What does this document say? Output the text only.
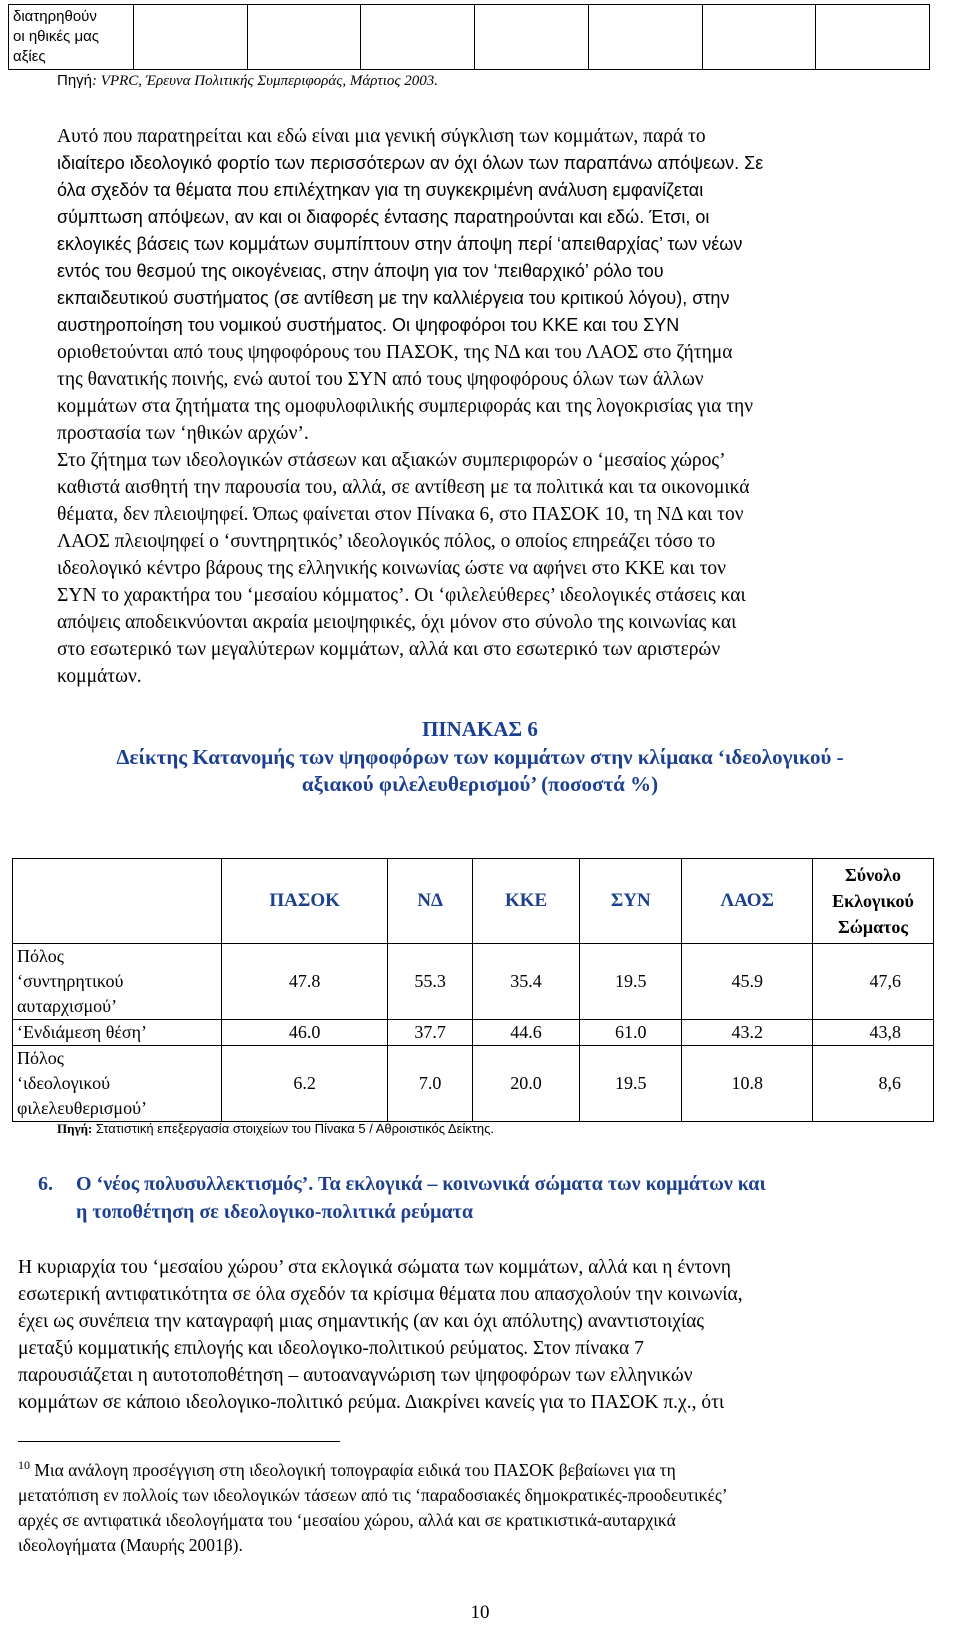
διατηρηθούν
οι ηθικές μας
αξίες

Πηγή: VPRC, Έρευνα Πολιτικής Συμπεριφοράς, Μάρτιος 2003.
Αυτό που παρατηρείται και εδώ είναι μια γενική σύγκλιση των κομμάτων, παρά το
ιδιαίτερο ιδεολογικό φορτίο των περισσότερων αν όχι όλων των παραπάνω απόψεων. Σε
όλα σχεδόν τα θέματα που επιλέχτηκαν για τη συγκεκριμένη ανάλυση εμφανίζεται
σύμπτωση απόψεων, αν και οι διαφορές έντασης παρατηρούνται και εδώ. Έτσι, οι
εκλογικές βάσεις των κομμάτων συμπίπτουν στην άποψη περί ‘απειθαρχίας’ των νέων
εντός του θεσμού της οικογένειας, στην άποψη για τον ‘πειθαρχικό’ ρόλο του
εκπαιδευτικού συστήματος (σε αντίθεση με την καλλιέργεια του κριτικού λόγου), στην
αυστηροποίηση του νομικού συστήματος. Οι ψηφοφόροι του ΚΚΕ και του ΣΥΝ
οριοθετούνται από τους ψηφοφόρους του ΠΑΣΟΚ, της ΝΔ και του ΛΑΟΣ στο ζήτημα
της θανατικής ποινής, ενώ αυτοί του ΣΥΝ από τους ψηφοφόρους όλων των άλλων
κομμάτων στα ζητήματα της ομοφυλοφιλικής συμπεριφοράς και της λογοκρισίας για την
προστασία των ‘ηθικών αρχών’.
Στο ζήτημα των ιδεολογικών στάσεων και αξιακών συμπεριφορών ο ‘μεσαίος χώρος’
καθιστά αισθητή την παρουσία του, αλλά, σε αντίθεση με τα πολιτικά και τα οικονομικά
θέματα, δεν πλειοψηφεί. Όπως φαίνεται στον Πίνακα 6, στο ΠΑΣΟΚ 10, τη ΝΔ και τον
ΛΑΟΣ πλειοψηφεί ο ‘συντηρητικός’ ιδεολογικός πόλος, ο οποίος επηρεάζει τόσο το
ιδεολογικό κέντρο βάρους της ελληνικής κοινωνίας ώστε να αφήνει στο ΚΚΕ και τον
ΣΥΝ το χαρακτήρα του ‘μεσαίου κόμματος’. Οι ‘φιλελεύθερες’ ιδεολογικές στάσεις και
απόψεις αποδεικνύονται ακραία μειοψηφικές, όχι μόνον στο σύνολο της κοινωνίας και
στο εσωτερικό των μεγαλύτερων κομμάτων, αλλά και στο εσωτερικό των αριστερών
κομμάτων.
ΠΙΝΑΚΑΣ 6
Δείκτης Κατανομής των ψηφοφόρων των κομμάτων στην κλίμακα ‘ιδεολογικού -
αξιακού φιλελευθερισμού’ (ποσοστά %)
	ΠΑΣΟΚ	ΝΔ	ΚΚΕ	ΣΥΝ	ΛΑΟΣ	Σύνολο
Εκλογικού
Σώματος

Πόλος
‘συντηρητικού
αυταρχισμού’	47.8	55.3	35.4	19.5	45.9	47,6

‘Ενδιάμεση θέση’	46.0	37.7	44.6	61.0	43.2	43,8

Πόλος
‘ιδεολογικού
φιλελευθερισμού’	6.2	7.0	20.0	19.5	10.8	8,6
Πηγή: Στατιστική επεξεργασία στοιχείων του Πίνακα 5 / Αθροιστικός Δείκτης.
6. Ο ‘νέος πολυσυλλεκτισμός’. Τα εκλογικά – κοινωνικά σώματα των κομμάτων και
η τοποθέτηση σε ιδεολογικο-πολιτικά ρεύματα
Η κυριαρχία του ‘μεσαίου χώρου’ στα εκλογικά σώματα των κομμάτων, αλλά και η έντονη
εσωτερική αντιφατικότητα σε όλα σχεδόν τα κρίσιμα θέματα που απασχολούν την κοινωνία,
έχει ως συνέπεια την καταγραφή μιας σημαντικής (αν και όχι απόλυτης) αναντιστοιχίας
μεταξύ κομματικής επιλογής και ιδεολογικο-πολιτικού ρεύματος. Στον πίνακα 7
παρουσιάζεται η αυτοτοποθέτηση – αυτοαναγνώριση των ψηφοφόρων των ελληνικών
κομμάτων σε κάποιο ιδεολογικο-πολιτικό ρεύμα. Διακρίνει κανείς για το ΠΑΣΟΚ π.χ., ότι
$^{10}$ Μια ανάλογη προσέγγιση στη ιδεολογική τοπογραφία ειδικά του ΠΑΣΟΚ βεβαίωνει για τη
μετατόπιση εν πολλοίς των ιδεολογικών τάσεων από τις ‘παραδοσιακές δημοκρατικές-προοδευτικές’
αρχές σε αντιφατικά ιδεολογήματα του ‘μεσαίου χώρου, αλλά και σε κρατικιστικά-αυταρχικά
ιδεολογήματα (Μαυρής 2001β).
10
